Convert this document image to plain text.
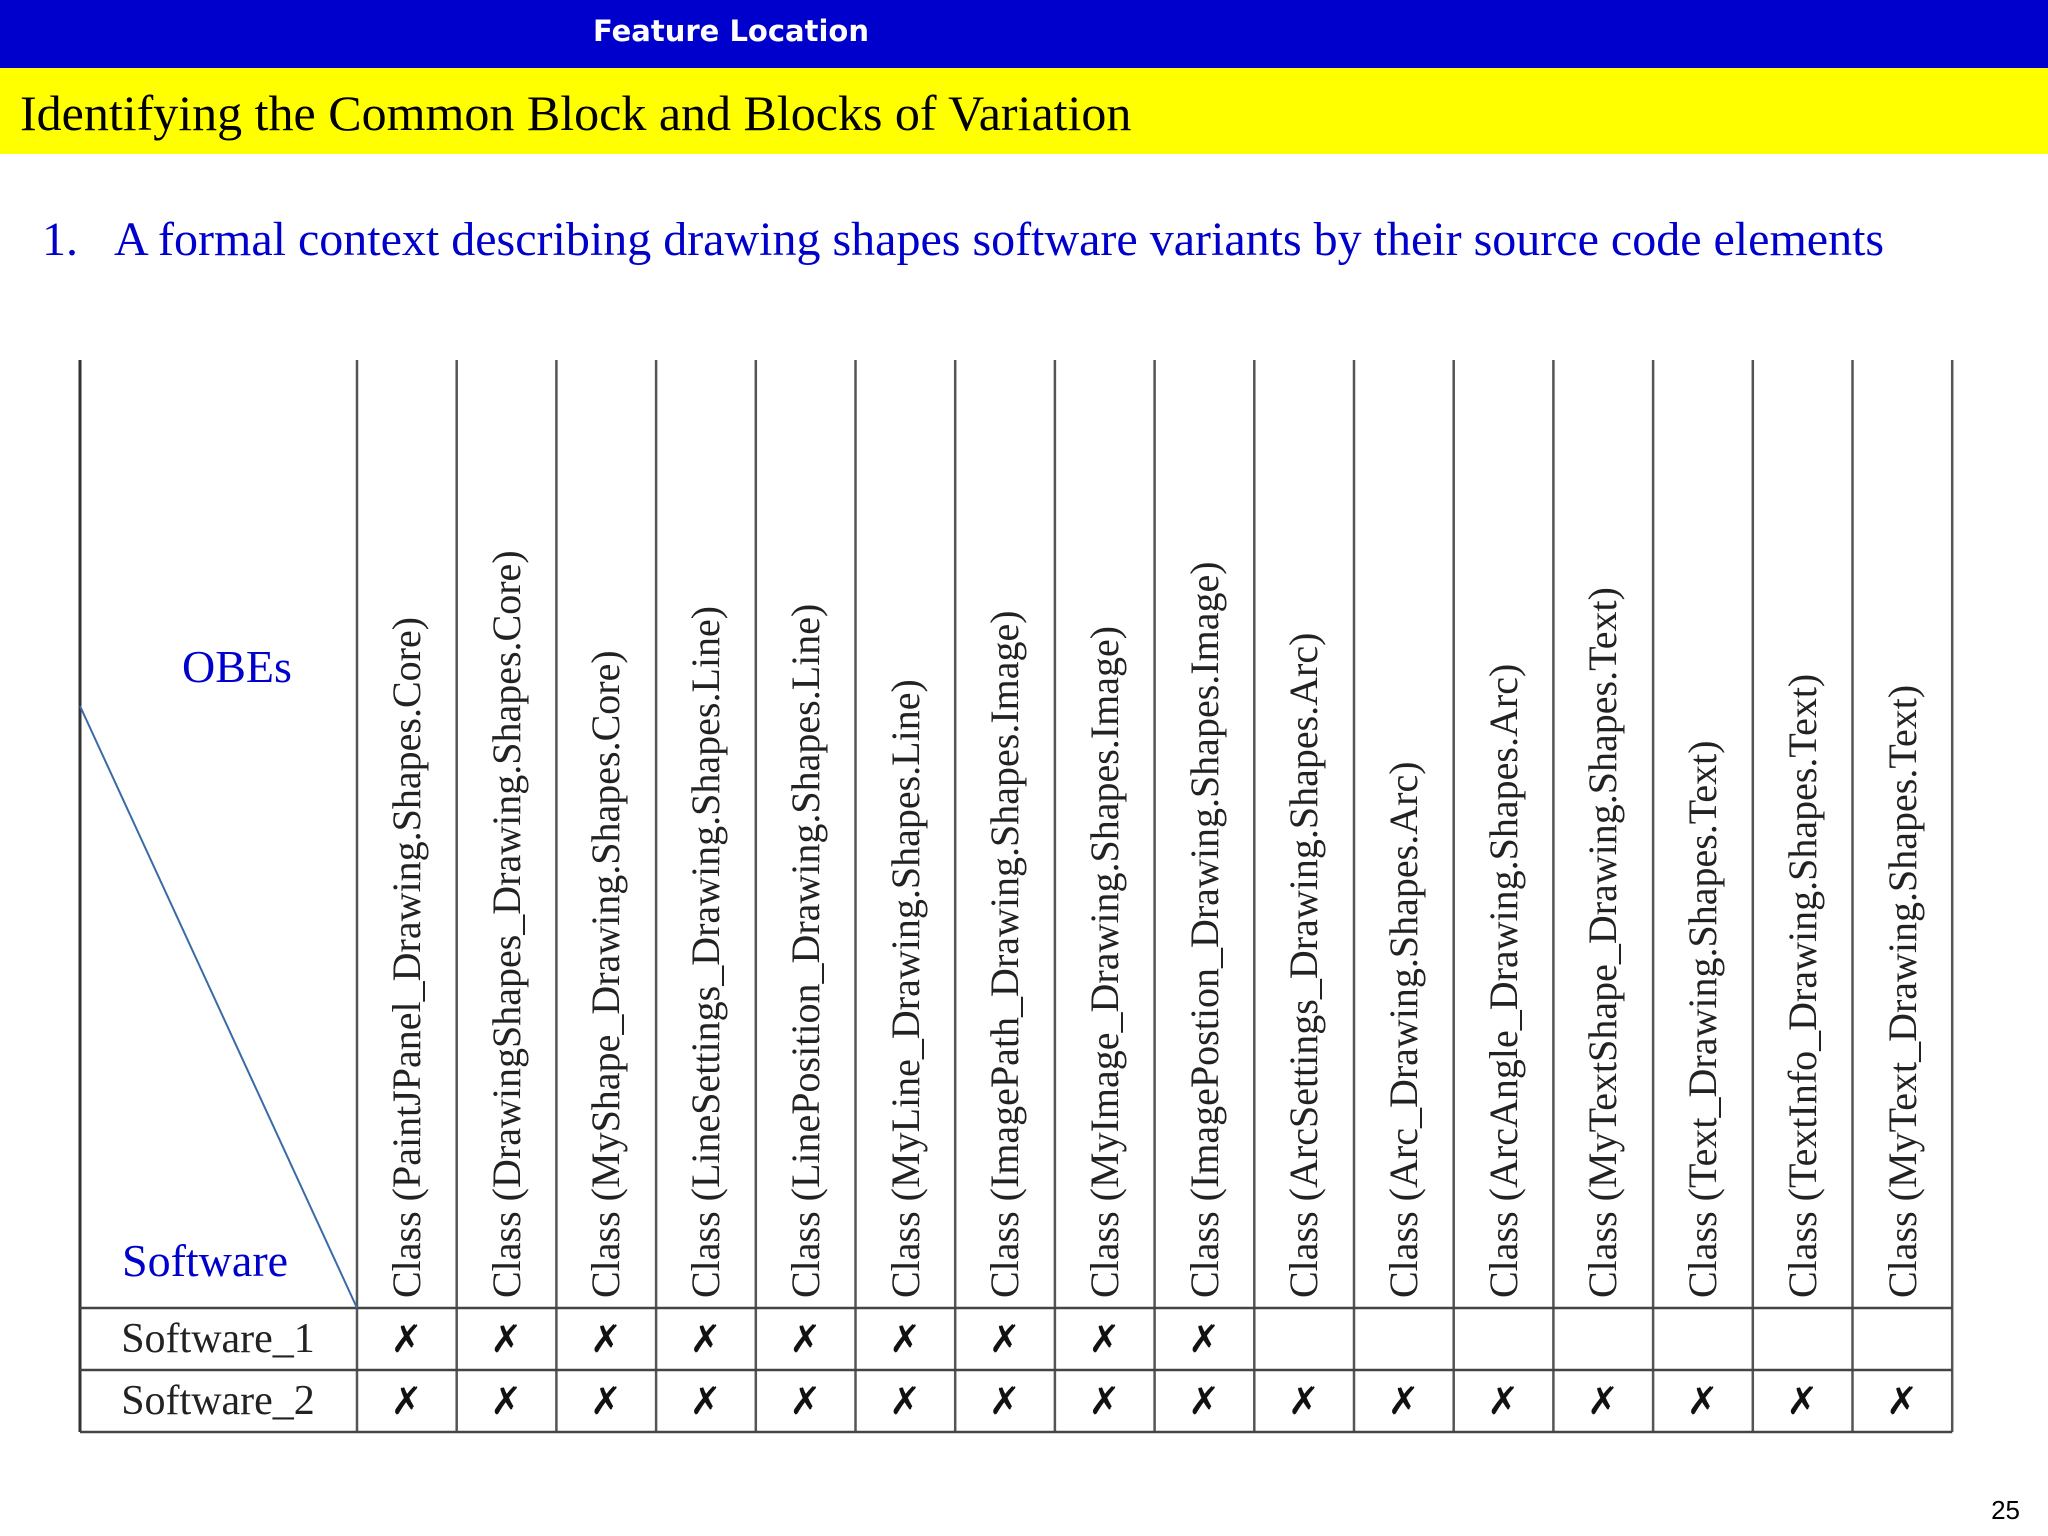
Feature Location
Identifying the Common Block and Blocks of Variation
1. A formal context describing drawing shapes software variants by their source code elements
OBEs
Software	Class (PaintJPanel_Drawing.Shapes.Core)	Class (DrawingShapes_Drawing.Shapes.Core)	Class (MyShape_Drawing.Shapes.Core)	Class (LineSettings_Drawing.Shapes.Line)	Class (LinePosition_Drawing.Shapes.Line)	Class (MyLine_Drawing.Shapes.Line)	Class (ImagePath_Drawing.Shapes.Image)	Class (MyImage_Drawing.Shapes.Image)	Class (ImagePostion_Drawing.Shapes.Image)	Class (ArcSettings_Drawing.Shapes.Arc)	Class (Arc_Drawing.Shapes.Arc)	Class (ArcAngle_Drawing.Shapes.Arc)	Class (MyTextShape_Drawing.Shapes.Text)	Class (Text_Drawing.Shapes.Text)	Class (TextInfo_Drawing.Shapes.Text)	Class (MyText_Drawing.Shapes.Text)
Software_1	✗	✗	✗	✗	✗	✗	✗	✗	✗
Software_2	✗	✗	✗	✗	✗	✗	✗	✗	✗	✗	✗	✗	✗	✗	✗	✗
25
